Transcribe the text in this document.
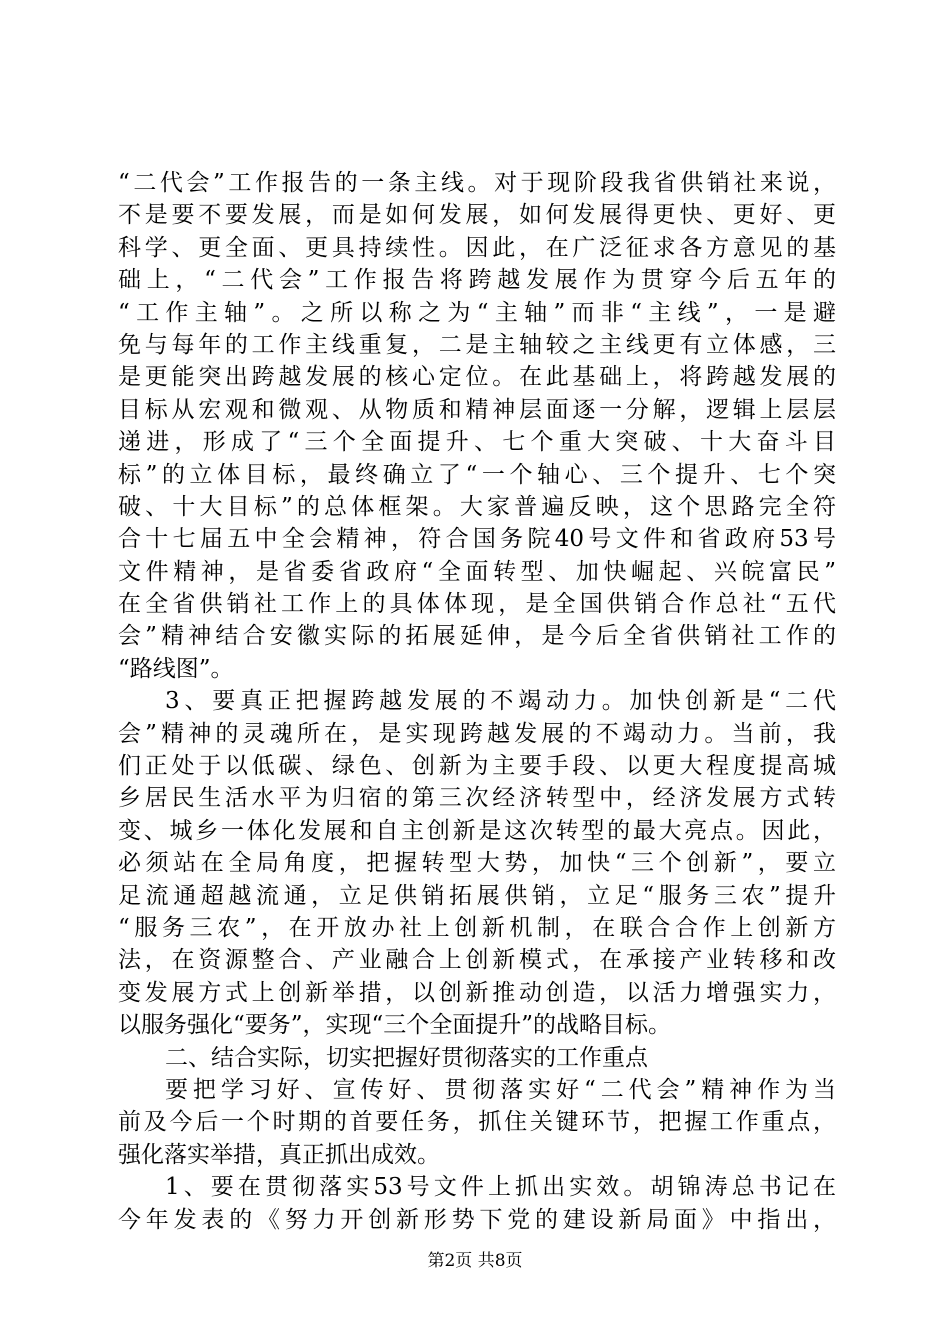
“二代会”工作报告的一条主线。对于现阶段我省供销社来说，
不是要不要发展，而是如何发展，如何发展得更快、更好、更
科学、更全面、更具持续性。因此，在广泛征求各方意见的基
础上，“二代会”工作报告将跨越发展作为贯穿今后五年的
“工作主轴”。之所以称之为“主轴”而非“主线”，一是避
免与每年的工作主线重复，二是主轴较之主线更有立体感，三
是更能突出跨越发展的核心定位。在此基础上，将跨越发展的
目标从宏观和微观、从物质和精神层面逐一分解，逻辑上层层
递进，形成了“三个全面提升、七个重大突破、十大奋斗目
标”的立体目标，最终确立了“一个轴心、三个提升、七个突
破、十大目标”的总体框架。大家普遍反映，这个思路完全符
合十七届五中全会精神，符合国务院40号文件和省政府53号
文件精神，是省委省政府“全面转型、加快崛起、兴皖富民”
在全省供销社工作上的具体体现，是全国供销合作总社“五代
会”精神结合安徽实际的拓展延伸，是今后全省供销社工作的
“路线图”。
3、要真正把握跨越发展的不竭动力。加快创新是“二代
会”精神的灵魂所在，是实现跨越发展的不竭动力。当前，我
们正处于以低碳、绿色、创新为主要手段、以更大程度提高城
乡居民生活水平为归宿的第三次经济转型中，经济发展方式转
变、城乡一体化发展和自主创新是这次转型的最大亮点。因此，
必须站在全局角度，把握转型大势，加快“三个创新”，要立
足流通超越流通，立足供销拓展供销，立足“服务三农”提升
“服务三农”，在开放办社上创新机制，在联合合作上创新方
法，在资源整合、产业融合上创新模式，在承接产业转移和改
变发展方式上创新举措，以创新推动创造，以活力增强实力，
以服务强化“要务”，实现“三个全面提升”的战略目标。
二、结合实际，切实把握好贯彻落实的工作重点
要把学习好、宣传好、贯彻落实好“二代会”精神作为当
前及今后一个时期的首要任务，抓住关键环节，把握工作重点，
强化落实举措，真正抓出成效。
1、要在贯彻落实53号文件上抓出实效。胡锦涛总书记在
今年发表的《努力开创新形势下党的建设新局面》中指出，
第2页 共8页
